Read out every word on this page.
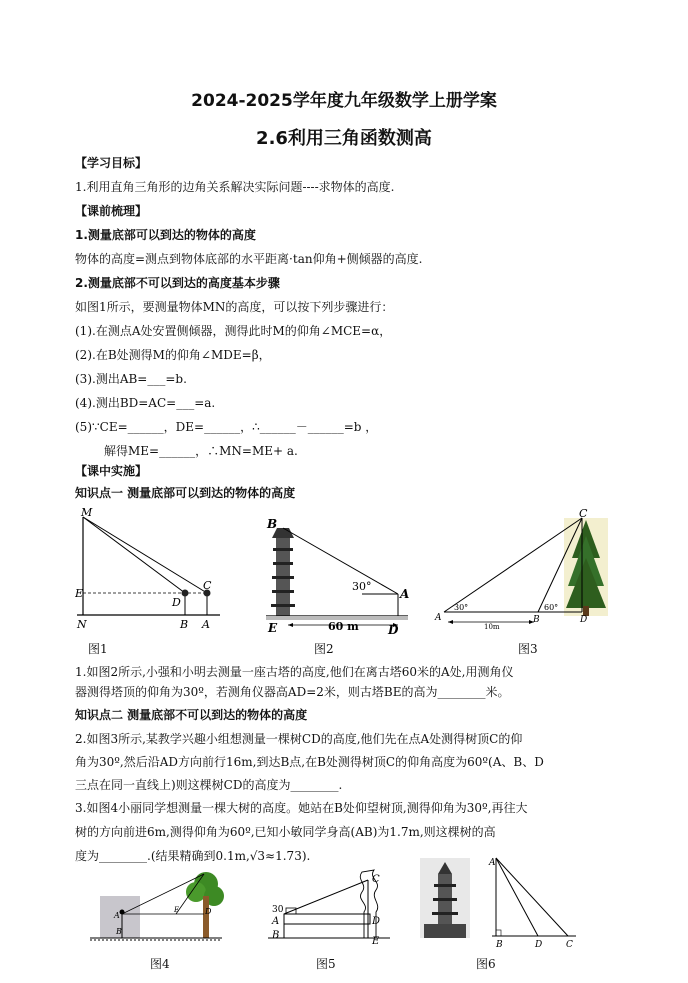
2024-2025学年度九年级数学上册学案
2.6利用三角函数测高
【学习目标】
1.利用直角三角形的边角关系解决实际问题----求物体的高度.
【课前梳理】
1.测量底部可以到达的物体的高度
物体的高度=测点到物体底部的水平距离·tan仰角+侧倾器的高度.
2.测量底部不可以到达的高度基本步骤
如图1所示，要测量物体MN的高度，可以按下列步骤进行：
(1).在测点A处安置侧倾器，测得此时M的仰角∠MCE=α，
(2).在B处测得M的仰角∠MDE=β，
(3).测出AB=___=b.
(4).测出BD=AC=___=a.
(5)∵CE=______，DE=______，∴______－______=b ，
解得ME=______，∴MN=ME+ a.
【课中实施】
知识点一 测量底部可以到达的物体的高度
M
E
N
D
B
C
A
图1
B
E	D
A
30°
60 m
图2
C
A	B	D
30°	60°
10m
图3
1.如图2所示,小强和小明去测量一座古塔的高度,他们在离古塔60米的A处,用测角仪
器测得塔顶的仰角为30º，若测角仪器高AD=2米，则古塔BE的高为________米。
知识点二 测量底部不可以到达的物体的高度
2.如图3所示,某教学兴趣小组想测量一棵树CD的高度,他们先在点A处测得树顶C的仰
角为30º,然后沿AD方向前行16m,到达B点,在B处测得树顶C的仰角高度为60º(A、B、D
三点在同一直线上)则这棵树CD的高度为________.
3.如图4小丽同学想测量一棵大树的高度。她站在B处仰望树顶,测得仰角为30º,再往大
树的方向前进6m,测得仰角为60º,已知小敏同学身高(AB)为1.7m,则这棵树的高
度为________.(结果精确到0.1m,√3≈1.73).
A
B
D
E
图4
30
A
B
C
D
E
图5
A
B	D	C
图6
